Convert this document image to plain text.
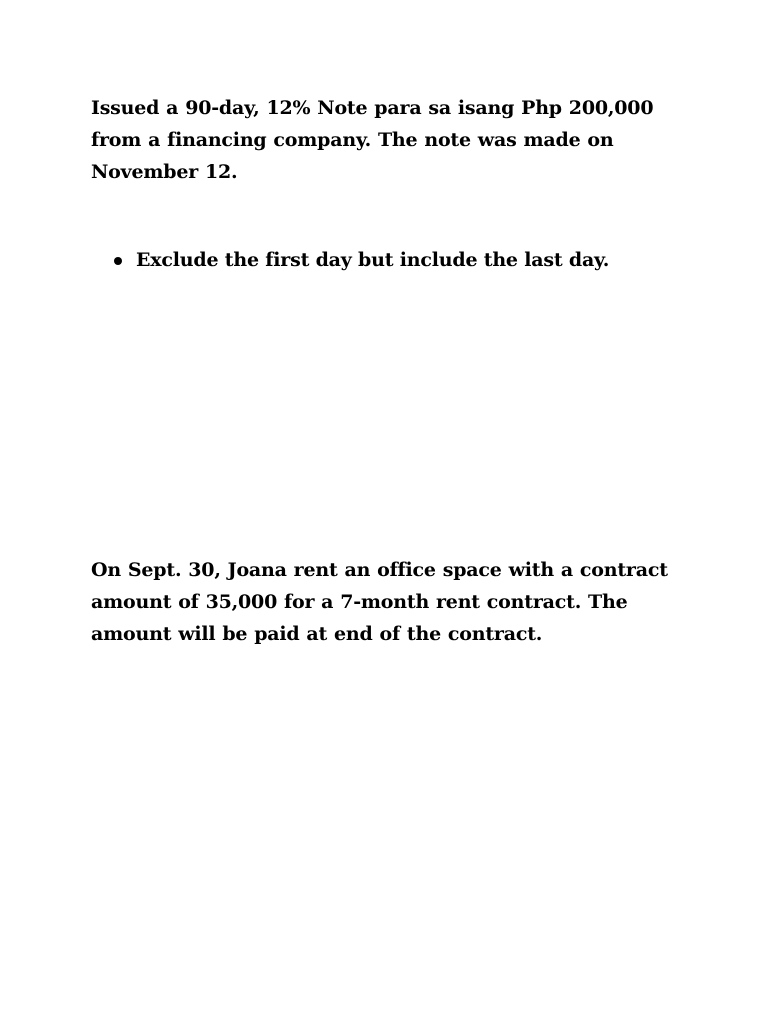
Issued a 90-day, 12% Note para sa isang Php 200,000
from a financing company. The note was made on
November 12.

Exclude the first day but include the last day.

On Sept. 30, Joana rent an office space with a contract
amount of 35,000 for a 7-month rent contract. The
amount will be paid at end of the contract.
